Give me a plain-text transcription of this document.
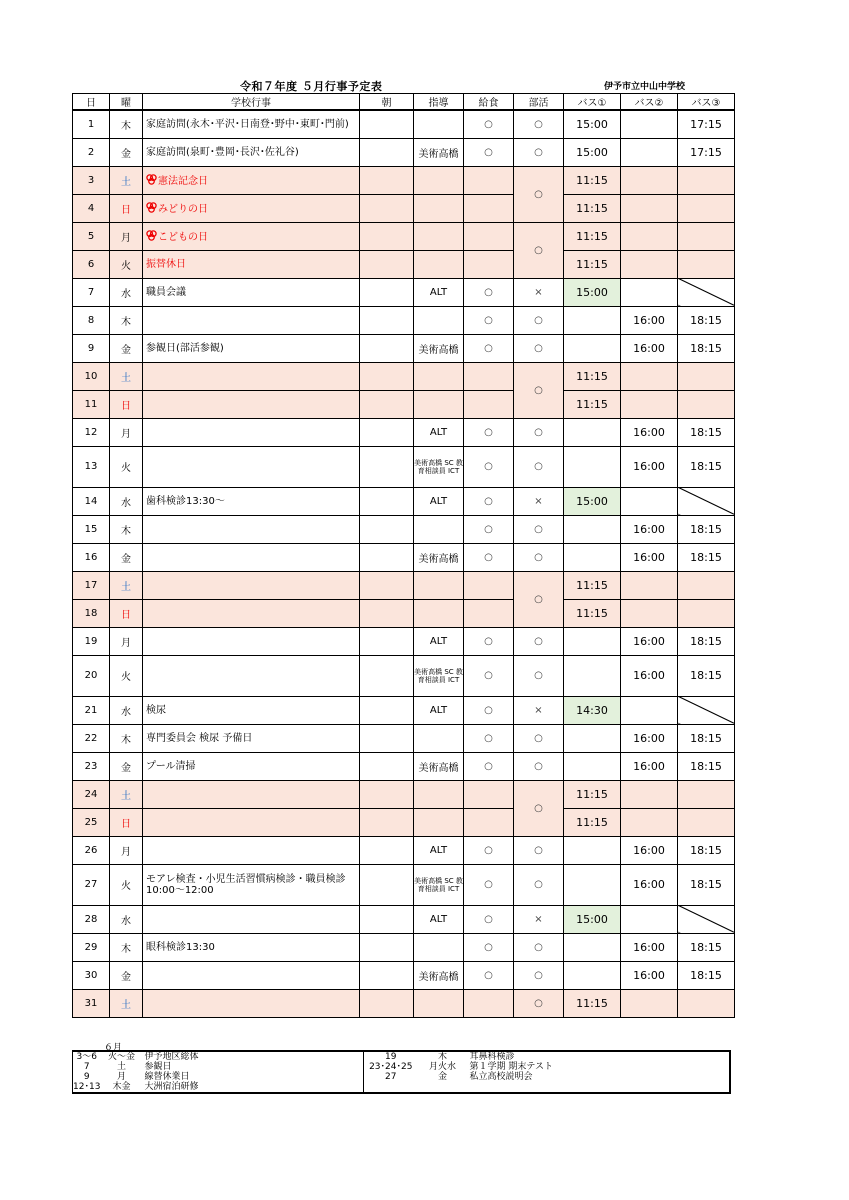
令和７年度 ５月行事予定表	伊予市立中山中学校
日	曜	学校行事	朝	指導	給食	部活	バス①	バス②	バス③
1	木	家庭訪問(永木･平沢･日南登･野中･東町･門前)			○	○	15:00		17:15
2	金	家庭訪問(泉町･豊岡･長沢･佐礼谷)		美術高橋	○	○	15:00		17:15
3	土	憲法記念日				○	11:15		
4	日	みどりの日					11:15		
5	月	こどもの日				○	11:15		
6	火	振替休日					11:15		
7	水	職員会議		ALT	○	×	15:00		
8	木				○	○		16:00	18:15
9	金	参観日(部活参観)		美術高橋	○	○		16:00	18:15
10	土					○	11:15		
11	日						11:15		
12	月			ALT	○	○		16:00	18:15
13	火			美術高橋 SC 教育相談員 ICT	○	○		16:00	18:15
14	水	歯科検診13:30～		ALT	○	×	15:00		
15	木				○	○		16:00	18:15
16	金			美術高橋	○	○		16:00	18:15
17	土					○	11:15		
18	日						11:15		
19	月			ALT	○	○		16:00	18:15
20	火			美術高橋 SC 教育相談員 ICT	○	○		16:00	18:15
21	水	検尿		ALT	○	×	14:30		
22	木	専門委員会 検尿 予備日			○	○		16:00	18:15
23	金	プール清掃		美術高橋	○	○		16:00	18:15
24	土					○	11:15		
25	日						11:15		
26	月			ALT	○	○		16:00	18:15
27	火	モアレ検査・小児生活習慣病検診・職員検診10:00～12:00		美術高橋 SC 教育相談員 ICT	○	○		16:00	18:15
28	水			ALT	○	×	15:00		
29	木	眼科検診13:30			○	○		16:00	18:15
30	金			美術高橋	○	○		16:00	18:15
31	土					○	11:15		
６月
3～6	火～金	伊予地区総体	19	木	耳鼻科検診
7	土	参観日	23･24･25	月火水	第１学期 期末テスト
9	月	線替休業日	27	金	私立高校説明会
12･13	木金	大洲宿泊研修			
